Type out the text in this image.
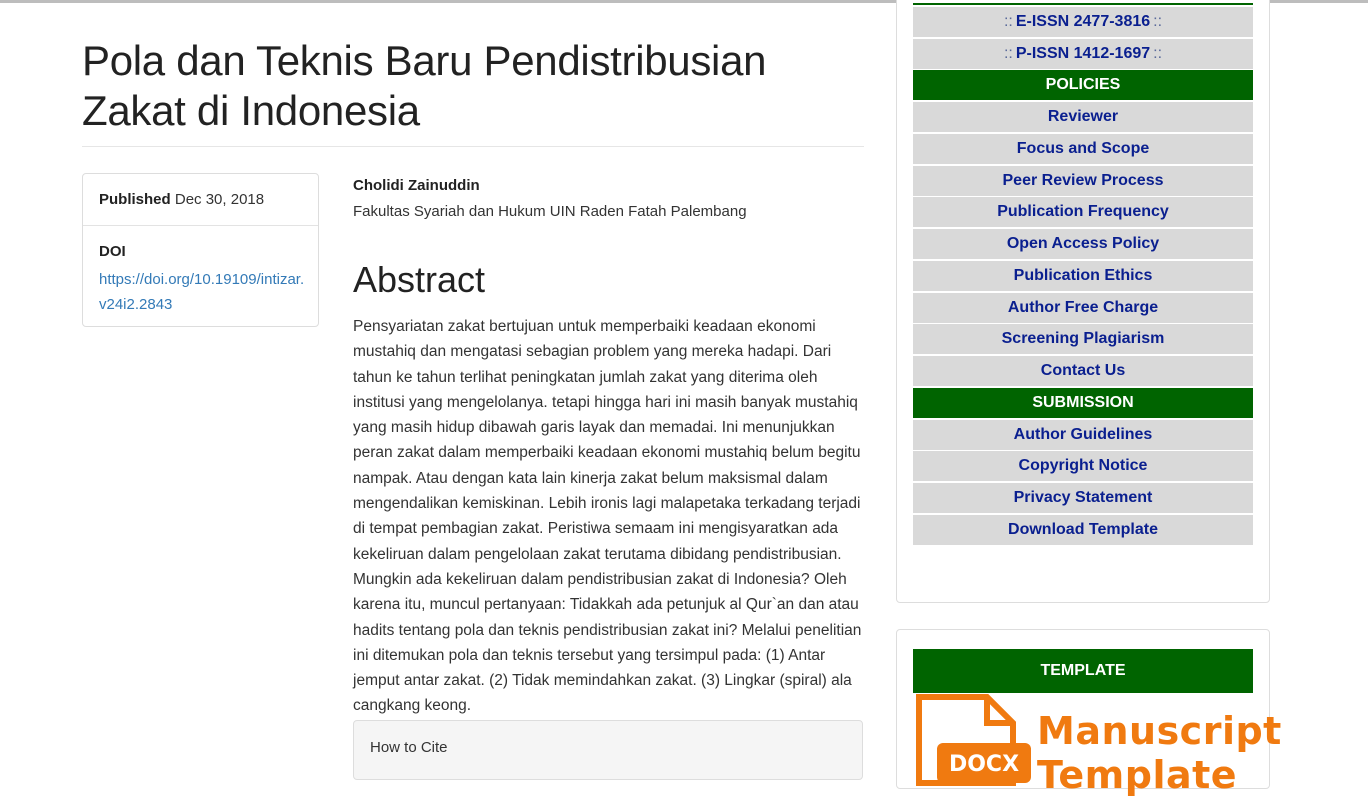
Pola dan Teknis Baru Pendistribusian Zakat di Indonesia
Published Dec 30, 2018
DOI
https://doi.org/10.19109/intizar.v24i2.2843
Cholidi Zainuddin
Fakultas Syariah dan Hukum UIN Raden Fatah Palembang
Abstract

Pensyariatan zakat bertujuan untuk memperbaiki keadaan ekonomi mustahiq dan mengatasi sebagian problem yang mereka hadapi. Dari tahun ke tahun terlihat peningkatan jumlah zakat yang diterima oleh institusi yang mengelolanya. tetapi hingga hari ini masih banyak mustahiq yang masih hidup dibawah garis layak dan memadai. Ini menunjukkan peran zakat dalam memperbaiki keadaan ekonomi mustahiq belum begitu nampak. Atau dengan kata lain kinerja zakat belum maksismal dalam mengendalikan kemiskinan. Lebih ironis lagi malapetaka terkadang terjadi di tempat pembagian zakat. Peristiwa semaam ini mengisyaratkan ada kekeliruan dalam pengelolaan zakat terutama dibidang pendistribusian. Mungkin ada kekeliruan dalam pendistribusian zakat di Indonesia? Oleh karena itu, muncul pertanyaan: Tidakkah ada petunjuk al Qur`an dan atau hadits tentang pola dan teknis pendistribusian zakat ini? Melalui penelitian ini ditemukan pola dan teknis tersebut yang tersimpul pada: (1) Antar jemput antar zakat. (2) Tidak memindahkan zakat. (3) Lingkar (spiral) ala cangkang keong.

How to Cite
:: E-ISSN 2477-3816 ::
:: P-ISSN 1412-1697 ::
POLICIES
Reviewer
Focus and Scope
Peer Review Process
Publication Frequency
Open Access Policy
Publication Ethics
Author Free Charge
Screening Plagiarism
Contact Us
SUBMISSION
Author Guidelines
Copyright Notice
Privacy Statement
Download Template
TEMPLATE
DOCX
Manuscript Template
